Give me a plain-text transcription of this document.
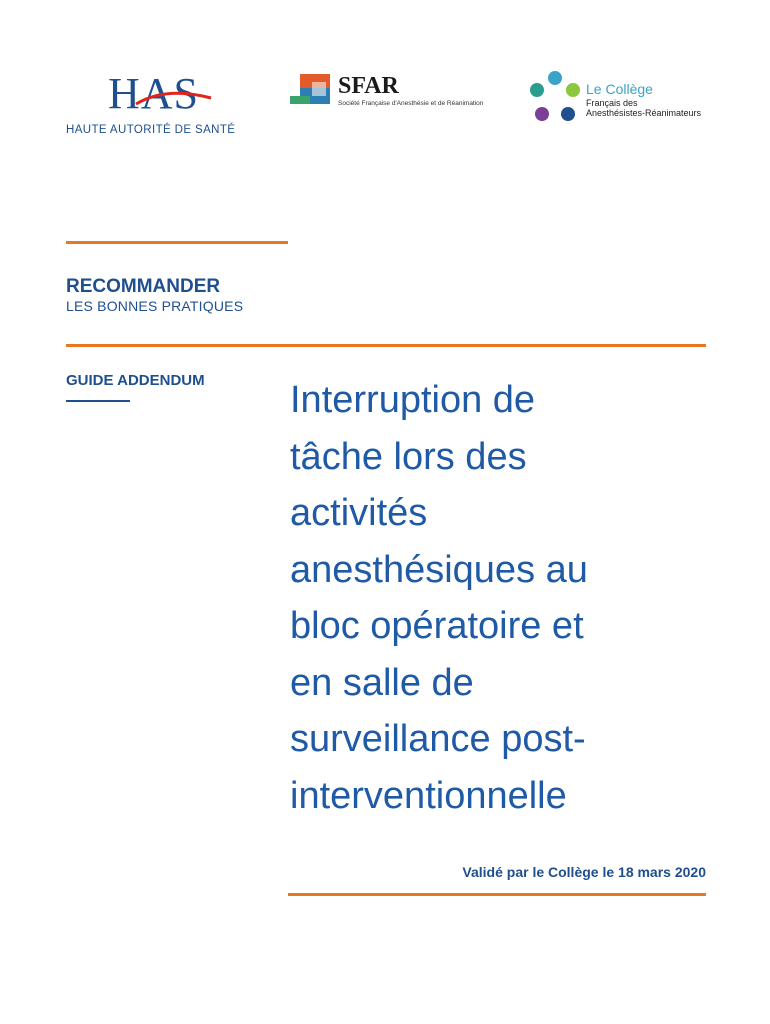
HAS
HAUTE AUTORITÉ DE SANTÉ
SFAR
Société Française d'Anesthésie et de Réanimation
Le Collège
Français des
Anesthésistes-Réanimateurs
RECOMMANDER
LES BONNES PRATIQUES
GUIDE ADDENDUM Interruption de
tâche lors des
activités
anesthésiques au
bloc opératoire et
en salle de
surveillance post-
interventionnelle
Validé par le Collège le 18 mars 2020
